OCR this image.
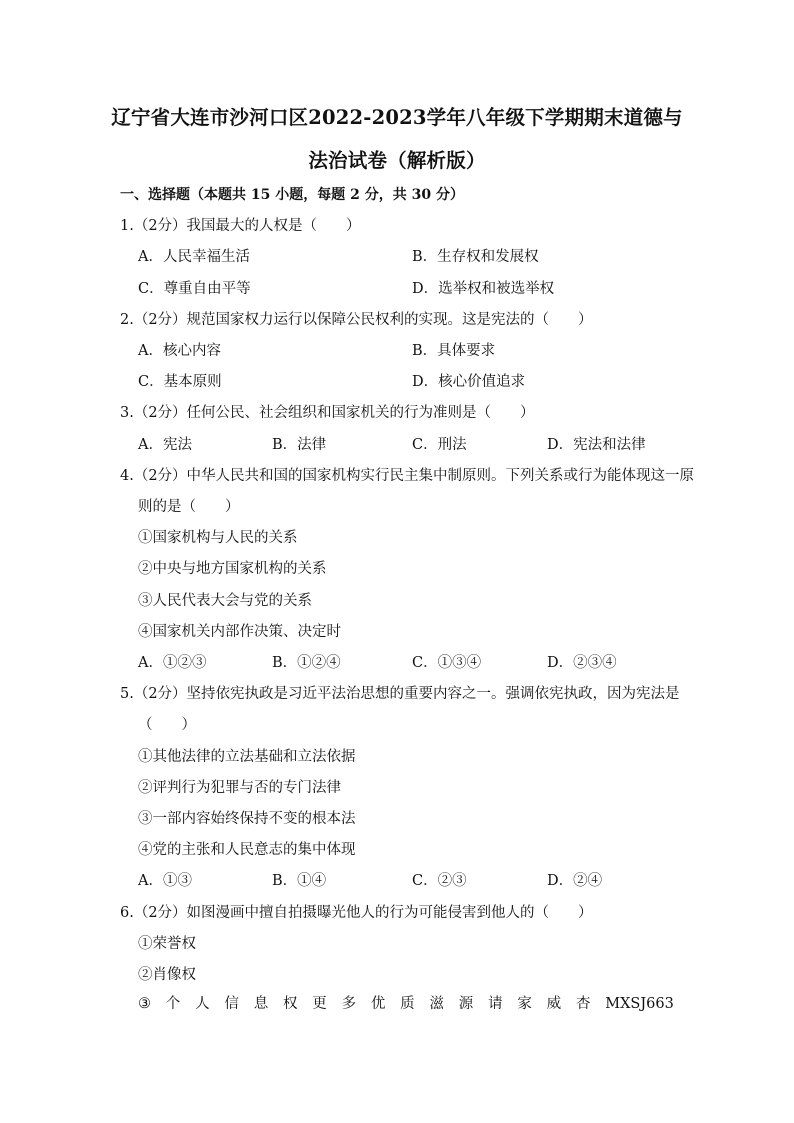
辽宁省大连市沙河口区2022-2023学年八年级下学期期末道德与
法治试卷（解析版）
一、选择题（本题共 15 小题，每题 2 分，共 30 分）
1.（2分）我国最大的人权是（　　）
A．人民幸福生活	B．生存权和发展权
C．尊重自由平等	D．选举权和被选举权
2.（2分）规范国家权力运行以保障公民权利的实现。这是宪法的（　　）
A．核心内容	B．具体要求
C．基本原则	D．核心价值追求
3.（2分）任何公民、社会组织和国家机关的行为准则是（　　）
A．宪法	B．法律	C．刑法	D．宪法和法律
4.（2分）中华人民共和国的国家机构实行民主集中制原则。下列关系或行为能体现这一原
则的是（　　）
①国家机构与人民的关系
②中央与地方国家机构的关系
③人民代表大会与党的关系
④国家机关内部作决策、决定时
A．①②③	B．①②④	C．①③④	D．②③④
5.（2分）坚持依宪执政是习近平法治思想的重要内容之一。强调依宪执政，因为宪法是
（　　）
①其他法律的立法基础和立法依据
②评判行为犯罪与否的专门法律
③一部内容始终保持不变的根本法
④党的主张和人民意志的集中体现
A．①③	B．①④	C．②③	D．②④
6.（2分）如图漫画中擅自拍摄曝光他人的行为可能侵害到他人的（　　）
①荣誉权
②肖像权
③ 个 人 信 息 权 更 多 优 质 滋 源 请 家 威 杏 MXSJ663
